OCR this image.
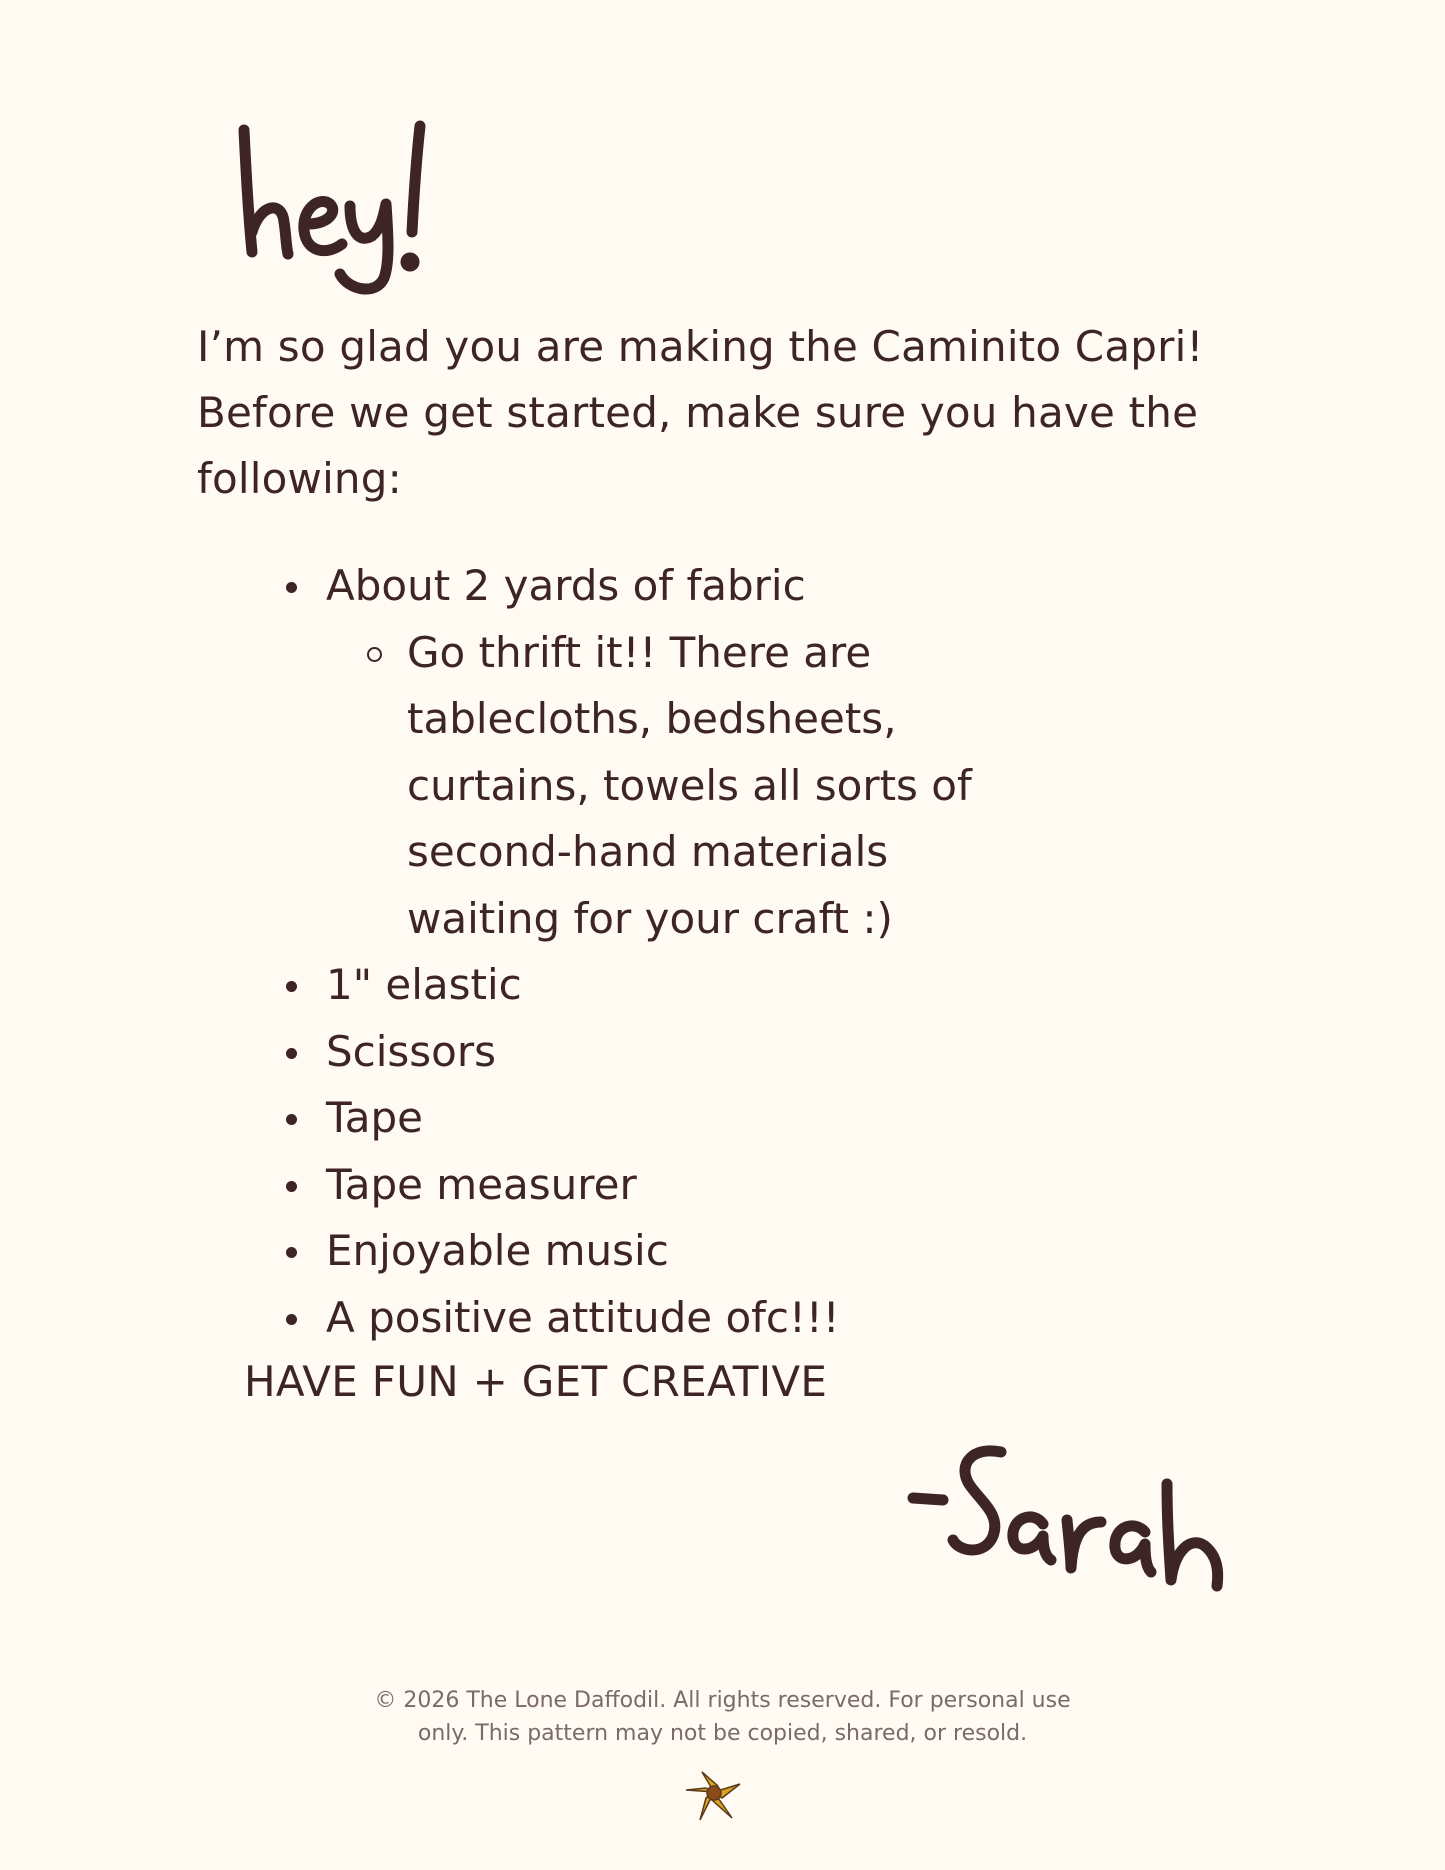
I’m so glad you are making the Caminito Capri! Before we get started, make sure you have the following:

About 2 yards of fabric
Go thrift it!! There are tablecloths, bedsheets, curtains, towels all sorts of second-hand materials waiting for your craft :)
1" elastic
Scissors
Tape
Tape measurer
Enjoyable music
A positive attitude ofc!!!
HAVE FUN + GET CREATIVE
© 2026 The Lone Daffodil. All rights reserved. For personal use only. This pattern may not be copied, shared, or resold.
